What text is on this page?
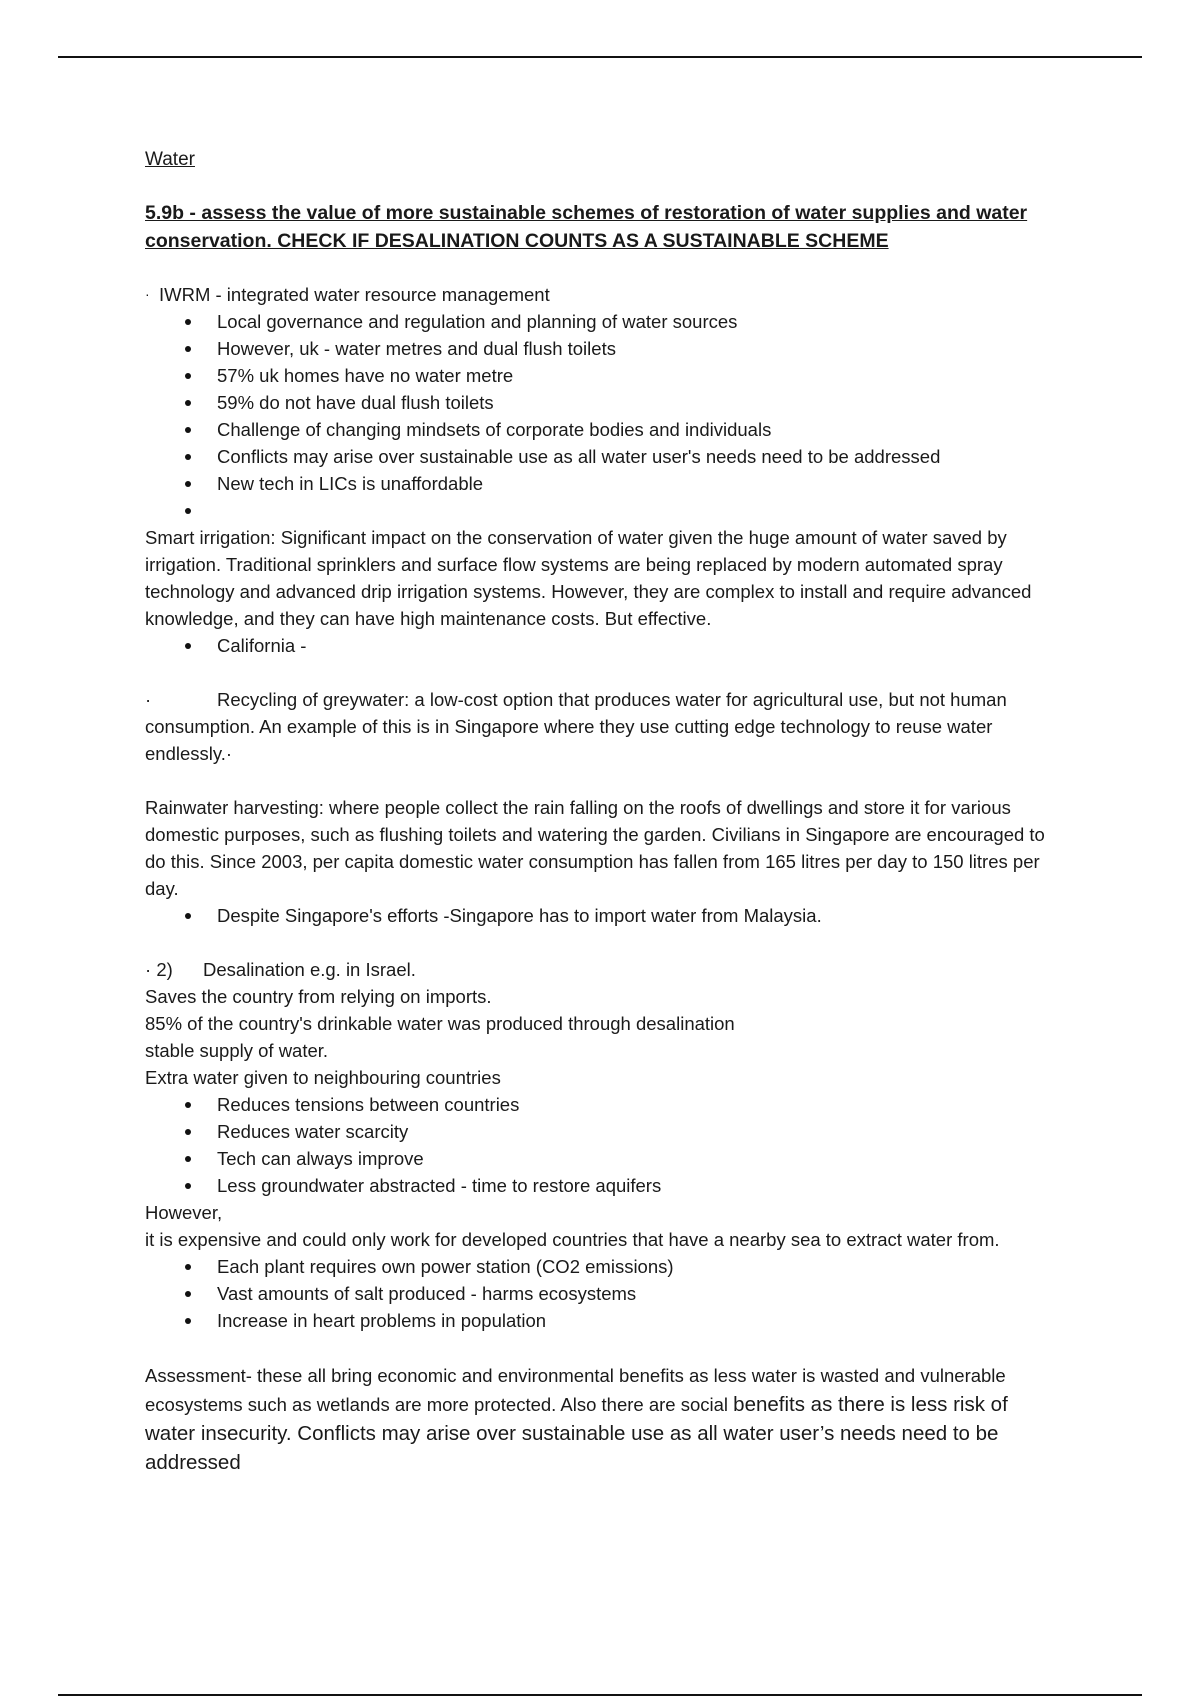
Water
5.9b - assess the value of more sustainable schemes of restoration of water supplies and water conservation. CHECK IF DESALINATION COUNTS AS A SUSTAINABLE SCHEME
· IWRM - integrated water resource management
Local governance and regulation and planning of water sources
However, uk - water metres and dual flush toilets
57% uk homes have no water metre
59% do not have dual flush toilets
Challenge of changing mindsets of corporate bodies and individuals
Conflicts may arise over sustainable use as all water user's needs need to be addressed
New tech in LICs is unaffordable

Smart irrigation: Significant impact on the conservation of water given the huge amount of water saved by irrigation. Traditional sprinklers and surface flow systems are being replaced by modern automated spray technology and advanced drip irrigation systems. However, they are complex to install and require advanced knowledge, and they can have high maintenance costs. But effective.

California -

·	Recycling of greywater: a low-cost option that produces water for agricultural use, but not human consumption. An example of this is in Singapore where they use cutting edge technology to reuse water endlessly.·

Rainwater harvesting: where people collect the rain falling on the roofs of dwellings and store it for various domestic purposes, such as flushing toilets and watering the garden. Civilians in Singapore are encouraged to do this. Since 2003, per capita domestic water consumption has fallen from 165 litres per day to 150 litres per day.

Despite Singapore's efforts -Singapore has to import water from Malaysia.
· 2) Desalination e.g. in Israel.
Saves the country from relying on imports.
85% of the country's drinkable water was produced through desalination
stable supply of water.
Extra water given to neighbouring countries
Reduces tensions between countries
Reduces water scarcity
Tech can always improve
Less groundwater abstracted - time to restore aquifers
However,
it is expensive and could only work for developed countries that have a nearby sea to extract water from.
Each plant requires own power station (CO2 emissions)
Vast amounts of salt produced - harms ecosystems
Increase in heart problems in population

Assessment- these all bring economic and environmental benefits as less water is wasted and vulnerable ecosystems such as wetlands are more protected. Also there are social benefits as there is less risk of water insecurity. Conflicts may arise over sustainable use as all water user’s needs need to be addressed
